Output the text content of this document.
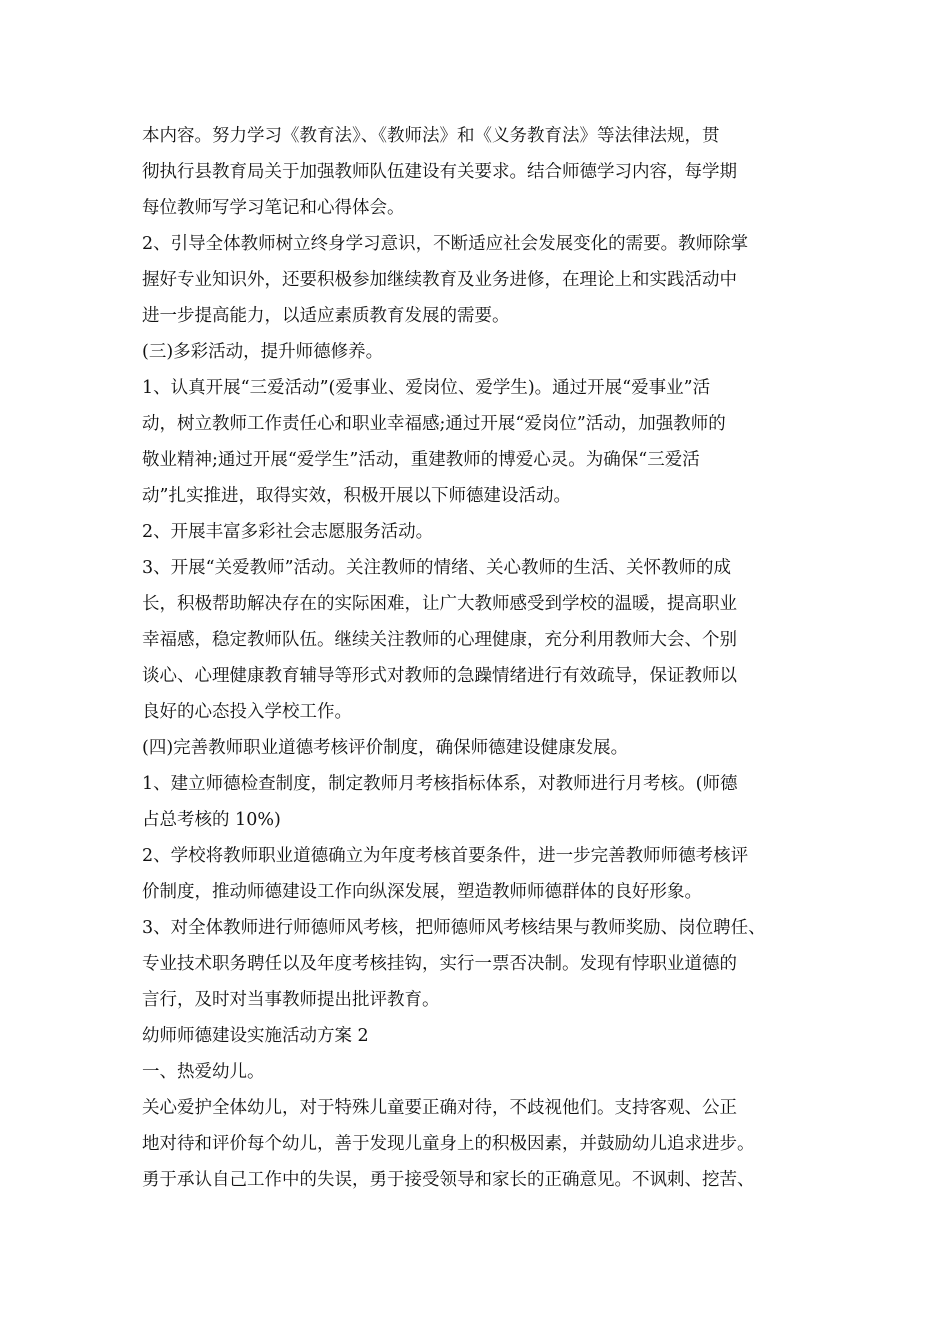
本内容。努力学习《教育法》、《教师法》和《义务教育法》等法律法规，贯
彻执行县教育局关于加强教师队伍建设有关要求。结合师德学习内容，每学期
每位教师写学习笔记和心得体会。
2、引导全体教师树立终身学习意识，不断适应社会发展变化的需要。教师除掌
握好专业知识外，还要积极参加继续教育及业务进修，在理论上和实践活动中
进一步提高能力，以适应素质教育发展的需要。
(三)多彩活动，提升师德修养。
1、认真开展“三爱活动”(爱事业、爱岗位、爱学生)。通过开展“爱事业”活
动，树立教师工作责任心和职业幸福感;通过开展“爱岗位”活动，加强教师的
敬业精神;通过开展“爱学生”活动，重建教师的博爱心灵。为确保“三爱活
动”扎实推进，取得实效，积极开展以下师德建设活动。
2、开展丰富多彩社会志愿服务活动。
3、开展“关爱教师”活动。关注教师的情绪、关心教师的生活、关怀教师的成
长，积极帮助解决存在的实际困难，让广大教师感受到学校的温暖，提高职业
幸福感，稳定教师队伍。继续关注教师的心理健康，充分利用教师大会、个别
谈心、心理健康教育辅导等形式对教师的急躁情绪进行有效疏导，保证教师以
良好的心态投入学校工作。
(四)完善教师职业道德考核评价制度，确保师德建设健康发展。
1、建立师德检查制度，制定教师月考核指标体系，对教师进行月考核。(师德
占总考核的 10%)
2、学校将教师职业道德确立为年度考核首要条件，进一步完善教师师德考核评
价制度，推动师德建设工作向纵深发展，塑造教师师德群体的良好形象。
3、对全体教师进行师德师风考核，把师德师风考核结果与教师奖励、岗位聘任、
专业技术职务聘任以及年度考核挂钩，实行一票否决制。发现有悖职业道德的
言行，及时对当事教师提出批评教育。
幼师师德建设实施活动方案 2
一、热爱幼儿。
关心爱护全体幼儿，对于特殊儿童要正确对待，不歧视他们。支持客观、公正
地对待和评价每个幼儿，善于发现儿童身上的积极因素，并鼓励幼儿追求进步。
勇于承认自己工作中的失误，勇于接受领导和家长的正确意见。不讽刺、挖苦、
